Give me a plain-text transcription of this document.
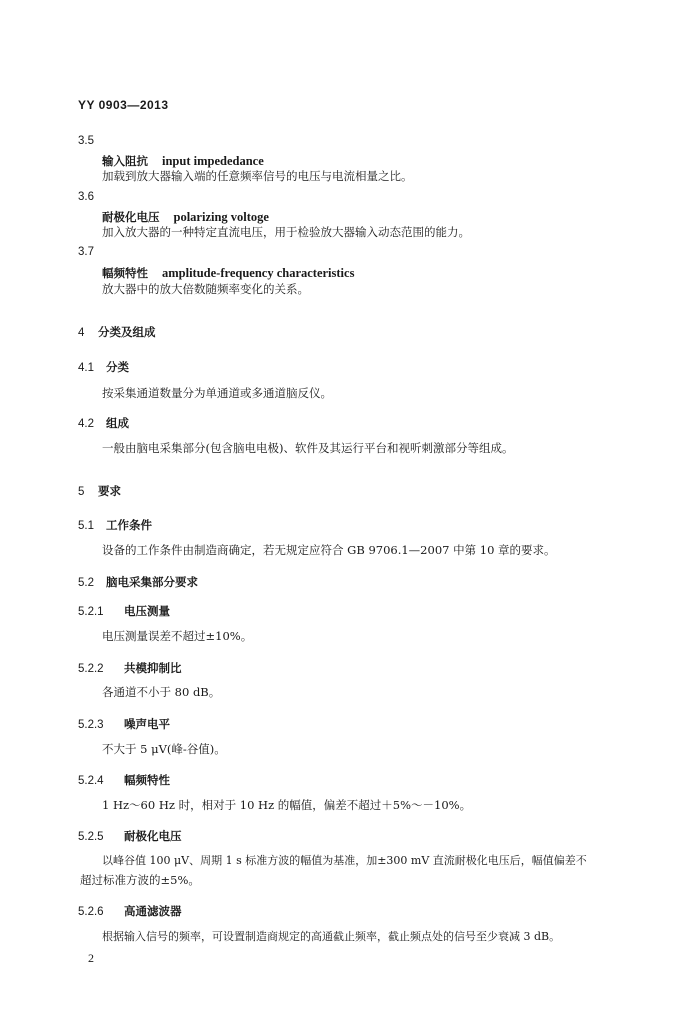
YY 0903—2013
3.5
输入阻抗 input impededance
加载到放大器输入端的任意频率信号的电压与电流相量之比。
3.6
耐极化电压 polarizing voltoge
加入放大器的一种特定直流电压，用于检验放大器输入动态范围的能力。
3.7
幅频特性 amplitude-frequency characteristics
放大器中的放大倍数随频率变化的关系。
4 分类及组成
4.1 分类
按采集通道数量分为单通道或多通道脑反仪。
4.2 组成
一般由脑电采集部分(包含脑电电极)、软件及其运行平台和视听刺激部分等组成。
5 要求
5.1 工作条件
设备的工作条件由制造商确定，若无规定应符合 GB 9706.1—2007 中第 10 章的要求。
5.2 脑电采集部分要求
5.2.1 电压测量
电压测量误差不超过±10%。
5.2.2 共模抑制比
各通道不小于 80 dB。
5.2.3 噪声电平
不大于 5 μV(峰-谷值)。
5.2.4 幅频特性
1 Hz～60 Hz 时，相对于 10 Hz 的幅值，偏差不超过＋5%～－10%。
5.2.5 耐极化电压
以峰谷值 100 μV、周期 1 s 标准方波的幅值为基准，加±300 mV 直流耐极化电压后，幅值偏差不
超过标准方波的±5%。
5.2.6 高通滤波器
根据输入信号的频率，可设置制造商规定的高通截止频率，截止频点处的信号至少衰减 3 dB。
2
